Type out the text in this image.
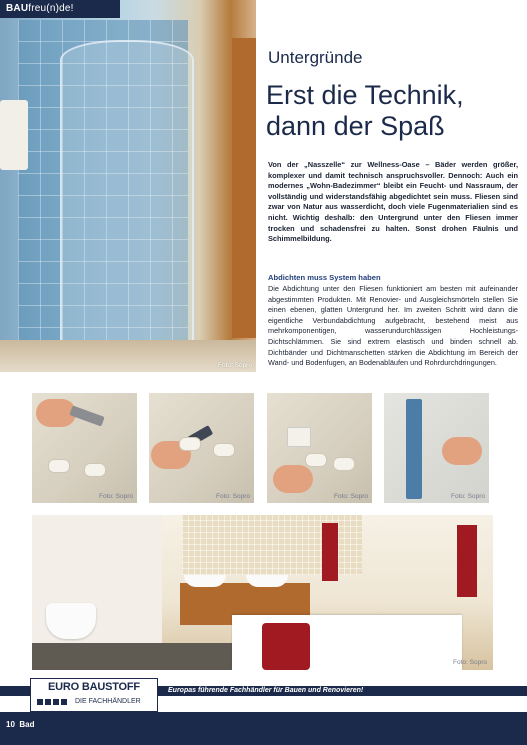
Foto: Sopro
BAUfreu(n)de!
Untergründe
Erst die Technik,
dann der Spaß
Von der „Nasszelle“ zur Wellness-Oase – Bäder werden größer, komplexer und damit technisch anspruchsvoller. Dennoch: Auch ein modernes „Wohn-Badezimmer“ bleibt ein Feucht- und Nassraum, der vollständig und widerstandsfähig abgedichtet sein muss. Fliesen sind zwar von Natur aus wasserdicht, doch viele Fugenmaterialien sind es nicht. Wichtig deshalb: den Untergrund unter den Fliesen immer trocken und schadensfrei zu halten. Sonst drohen Fäulnis und Schimmelbildung.
Abdichten muss System haben
Die Abdichtung unter den Fliesen funktioniert am besten mit aufeinander abgestimmten Produkten. Mit Renovier- und Ausgleichsmörteln stellen Sie einen ebenen, glatten Untergrund her. Im zweiten Schritt wird dann die eigentliche Verbundabdichtung aufgebracht, bestehend meist aus mehrkomponentigen, wasserundurchlässigen Hochleistungs-Dichtschlämmen. Sie sind extrem elastisch und binden schnell ab. Dichtbänder und Dichtmanschetten stärken die Abdichtung im Bereich der Wand- und Bodenfugen, an Bodenabläufen und Rohrdurchdringungen.
Foto: Sopro	Foto: Sopro	Foto: Sopro	Foto: Sopro
Foto: Sopro
Europas führende Fachhändler für Bauen und Renovieren!
EURO BAUSTOFF
DIE FACHHÄNDLER
10 Bad
